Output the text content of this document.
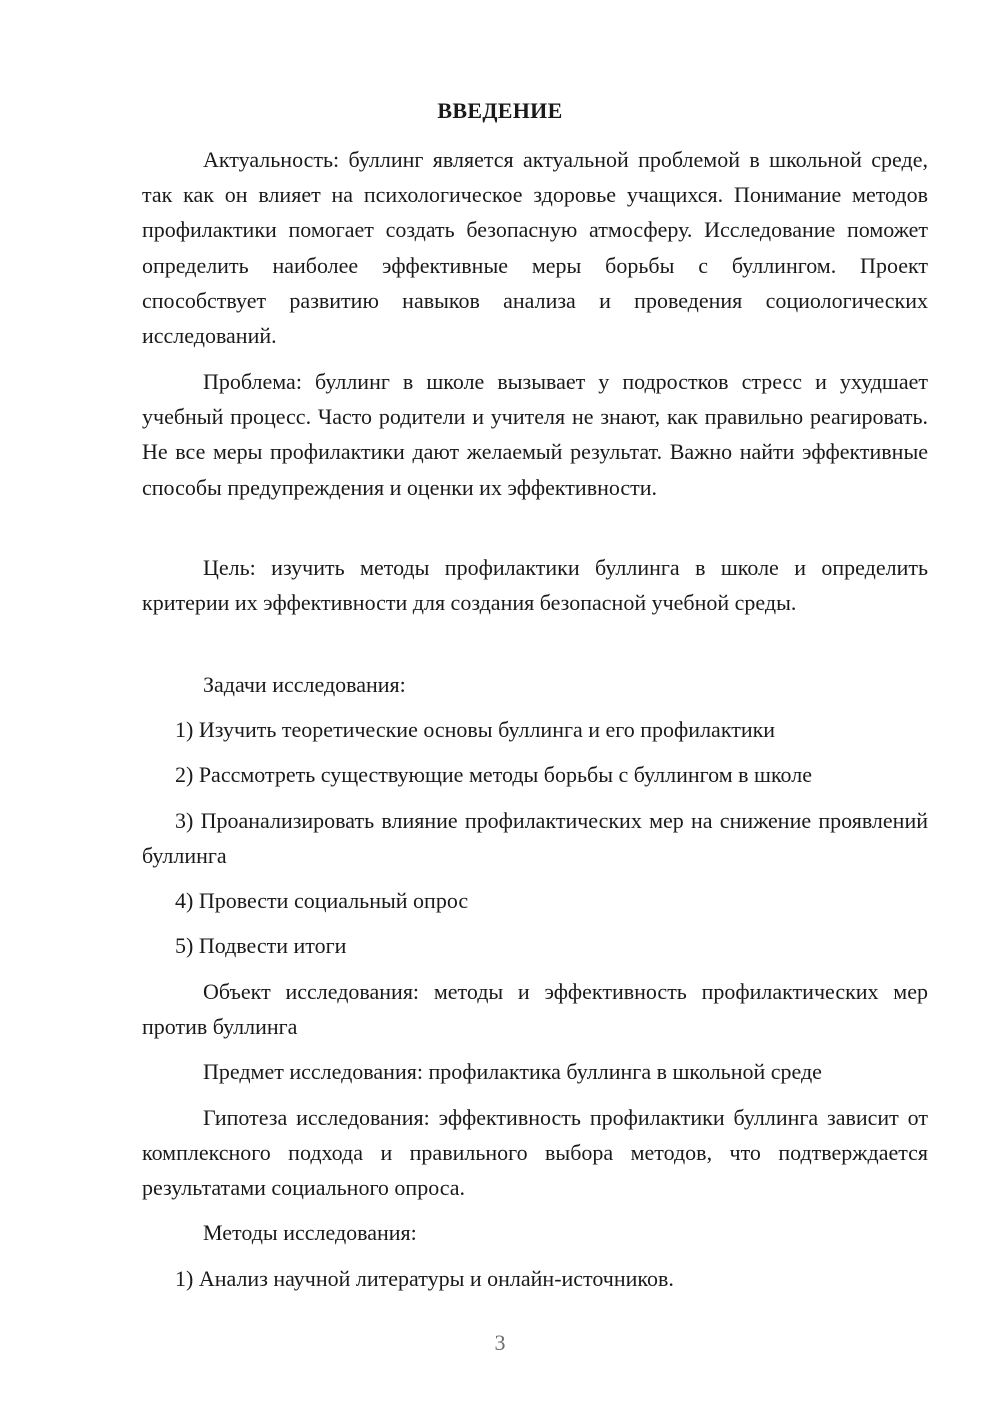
ВВЕДЕНИЕ

Актуальность: буллинг является актуальной проблемой в школьной среде, так как он влияет на психологическое здоровье учащихся. Понимание методов профилактики помогает создать безопасную атмосферу. Исследование поможет определить наиболее эффективные меры борьбы с буллингом. Проект способствует развитию навыков анализа и проведения социологических исследований.

Проблема: буллинг в школе вызывает у подростков стресс и ухудшает учебный процесс. Часто родители и учителя не знают, как правильно реагировать. Не все меры профилактики дают желаемый результат. Важно найти эффективные способы предупреждения и оценки их эффективности.

Цель: изучить методы профилактики буллинга в школе и определить критерии их эффективности для создания безопасной учебной среды.

Задачи исследования:

1) Изучить теоретические основы буллинга и его профилактики

2) Рассмотреть существующие методы борьбы с буллингом в школе

3) Проанализировать влияние профилактических мер на снижение проявлений буллинга

4) Провести социальный опрос

5) Подвести итоги

Объект исследования: методы и эффективность профилактических мер против буллинга

Предмет исследования: профилактика буллинга в школьной среде

Гипотеза исследования: эффективность профилактики буллинга зависит от комплексного подхода и правильного выбора методов, что подтверждается результатами социального опроса.

Методы исследования:

1) Анализ научной литературы и онлайн-источников.

3
